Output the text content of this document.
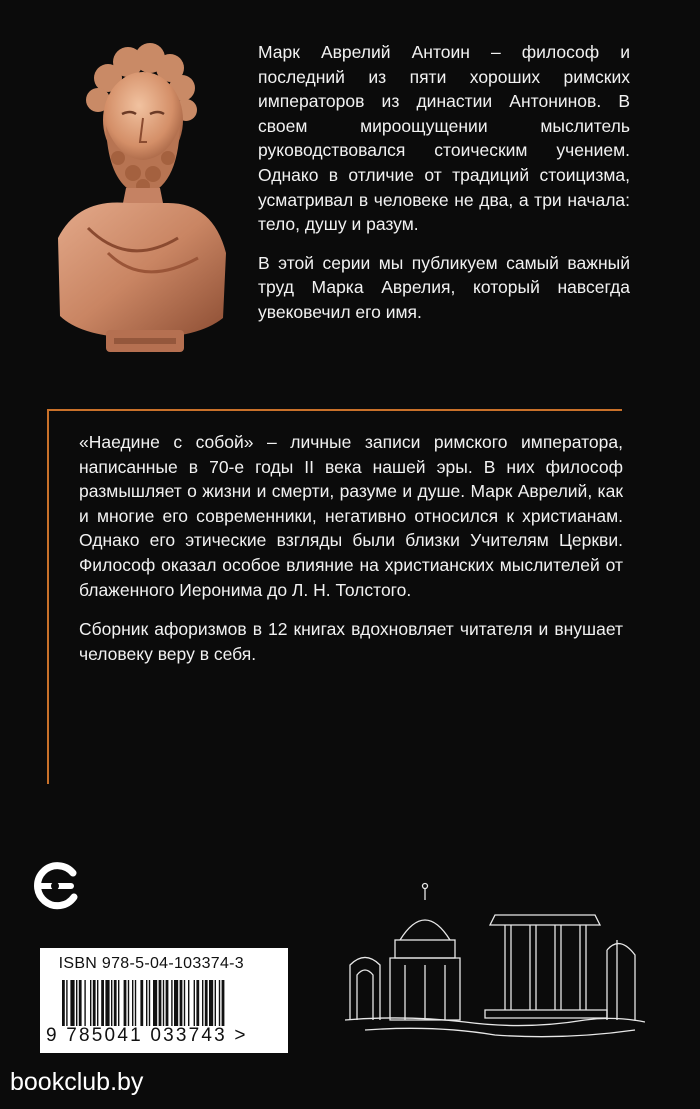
Марк Аврелий Антоин – философ и последний из пяти хороших римских императоров из династии Антонинов. В своем мироощущении мыслитель руководствовался стоическим учением. Однако в отличие от традиций стоицизма, усматривал в человеке не два, а три начала: тело, душу и разум.

В этой серии мы публикуем самый важный труд Марка Аврелия, который навсегда увековечил его имя.

«Наедине с собой» – личные записи римского императора, написанные в 70-е годы II века нашей эры. В них философ размышляет о жизни и смерти, разуме и душе. Марк Аврелий, как и многие его современники, негативно относился к христианам. Однако его этические взгляды были близки Учителям Церкви. Философ оказал особое влияние на христианских мыслителей от блаженного Иеронима до Л. Н. Толстого.

Сборник афоризмов в 12 книгах вдохновляет читателя и внушает человеку веру в себя.

ISBN 978-5-04-103374-3
9 785041 033743 >
bookclub.by
